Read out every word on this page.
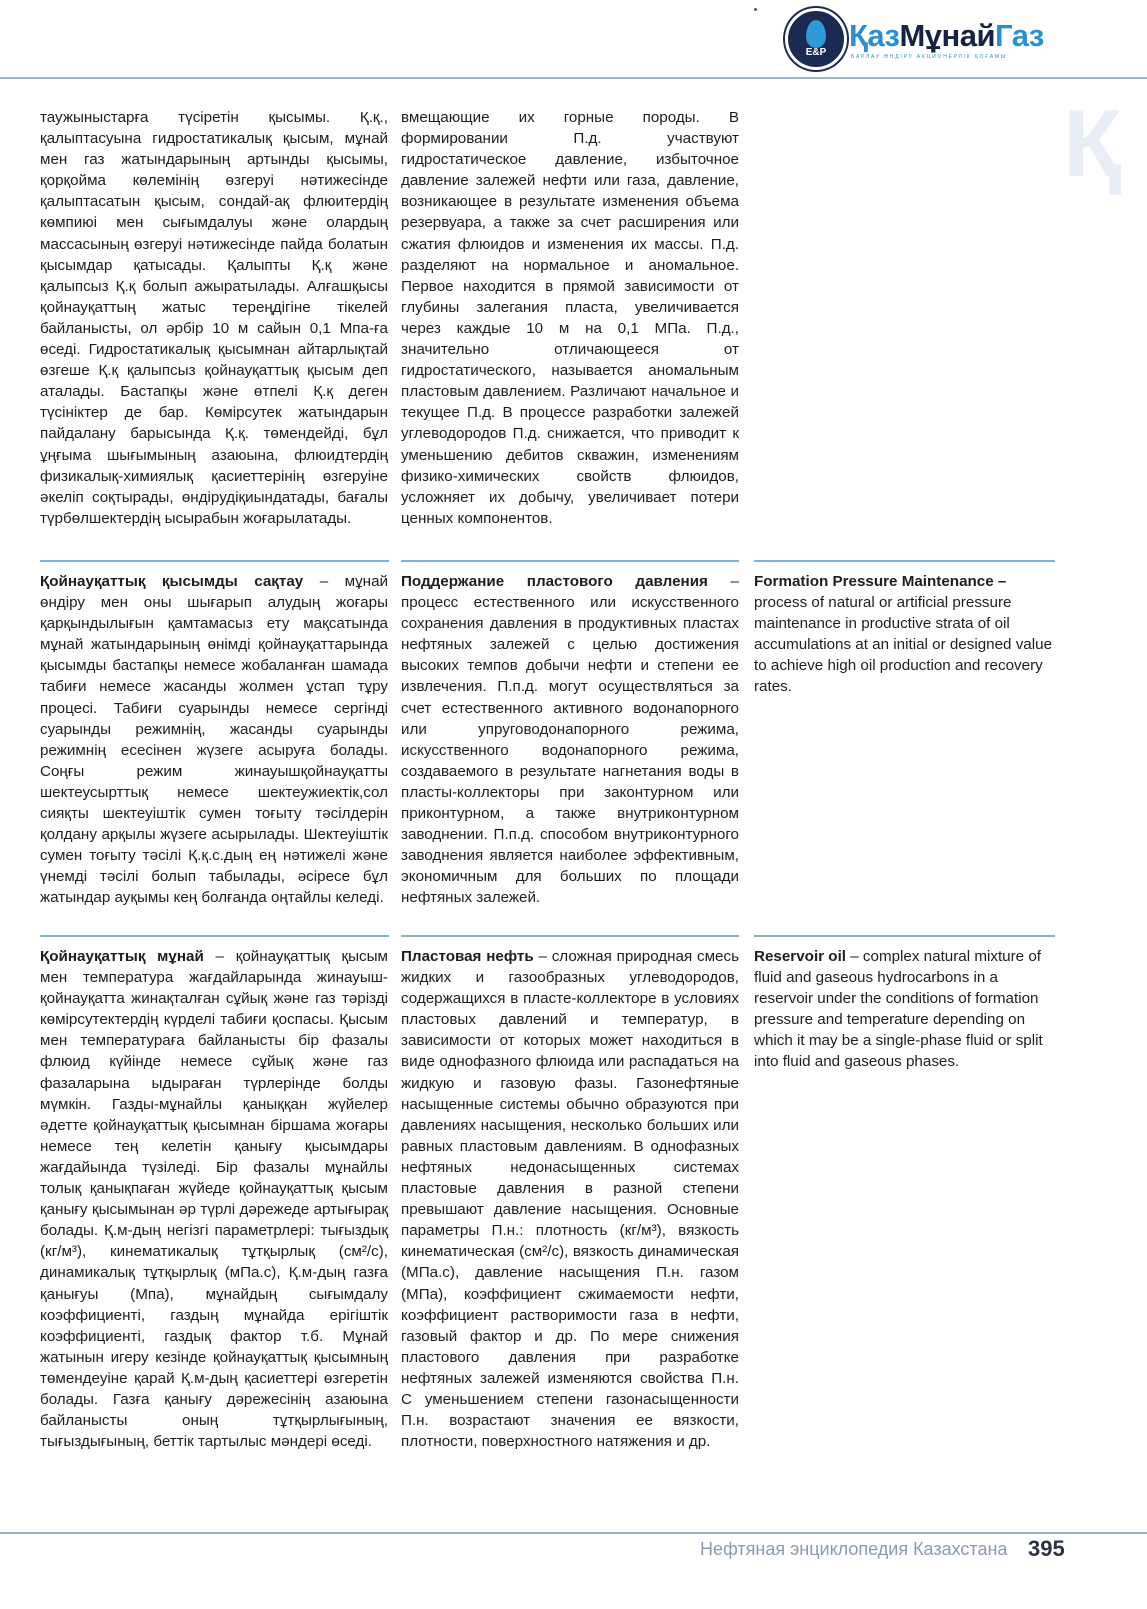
E&P ҚазМұнайГаз
БАРЛАУ ӨНДІРУ АКЦИОНЕРЛІК ҚОҒАМЫ
Қ

таужыныстарға түсіретін қысымы. Қ.қ., қалыптасуына гидростатикалық қысым, мұнай мен газ жатындарының артынды қысымы, қорқойма көлемінің өзгеруі нәтижесінде қалыптасатын қысым, сондай-ақ флюитердің көмпиюі мен сығымдалуы және олардың массасының өзгеруі нәтижесінде пайда болатын қысымдар қатысады. Қалыпты Қ.қ және қалыпсыз Қ.қ болып ажыратылады. Алғашқысы қойнауқаттың жатыс тереңдігіне тікелей байланысты, ол әрбір 10 м сайын 0,1 Мпа-ға өседі. Гидростатикалық қысымнан айтарлықтай өзгеше Қ.қ қалыпсыз қойнауқаттық қысым деп аталады. Бастапқы және өтпелі Қ.қ деген түсініктер де бар. Көмірсутек жатындарын пайдалану барысында Қ.қ. төмендейді, бұл ұңғыма шығымының азаюына, флюидтердің физикалық-химиялық қасиеттерінің өзгеруіне әкеліп соқтырады, өндірудіқиындатады, бағалы түрбөлшектердің ысырабын жоғарылатады.

вмещающие их горные породы. В формировании П.д. участвуют гидростатическое давление, избыточное давление залежей нефти или газа, давление, возникающее в результате изменения объема резервуара, а также за счет расширения или сжатия флюидов и изменения их массы. П.д. разделяют на нормальное и аномальное. Первое находится в прямой зависимости от глубины залегания пласта, увеличивается через каждые 10 м на 0,1 МПа. П.д., значительно отличающееся от гидростатического, называется аномальным пластовым давлением. Различают начальное и текущее П.д. В процессе разработки залежей углеводородов П.д. снижается, что приводит к уменьшению дебитов скважин, изменениям физико-химических свойств флюидов, усложняет их добычу, увеличивает потери ценных компонентов.

Қойнауқаттық қысымды сақтау – мұнай өндіру мен оны шығарып алудың жоғары қарқындылығын қамтамасыз ету мақсатында мұнай жатындарының өнімді қойнауқаттарында қысымды бастапқы немесе жобаланған шамада табиғи немесе жасанды жолмен ұстап тұру процесі. Табиғи суарынды немесе сергінді суарынды режимнің, жасанды суарынды режимнің есесінен жүзеге асыруға болады. Соңғы режим жинауышқойнауқатты шектеусырттық немесе шектеужиектік,сол сияқты шектеуіштік сумен тоғыту тәсілдерін қолдану арқылы жүзеге асырылады. Шектеуіштік сумен тоғыту тәсілі Қ.қ.с.дың ең нәтижелі және үнемді тәсілі болып табылады, әсіресе бұл жатындар ауқымы кең болғанда оңтайлы келеді.

Поддержание пластового давления – процесс естественного или искусственного сохранения давления в продуктивных пластах нефтяных залежей с целью достижения высоких темпов добычи нефти и степени ее извлечения. П.п.д. могут осуществляться за счет естественного активного водонапорного или упруговодонапорного режима, искусственного водонапорного режима, создаваемого в результате нагнетания воды в пласты-коллекторы при законтурном или приконтурном, а также внутриконтурном заводнении. П.п.д. способом внутриконтурного заводнения является наиболее эффективным, экономичным для больших по площади нефтяных залежей.

Formation Pressure Maintenance – process of natural or artificial pressure maintenance in productive strata of oil accumulations at an initial or designed value to achieve high oil production and recovery rates.

Қойнауқаттық мұнай – қойнауқаттық қысым мен температура жағдайларында жинауыш-қойнауқатта жинақталған сұйық және газ тәрізді көмірсутектердің күрделі табиғи қоспасы. Қысым мен температураға байланысты бір фазалы флюид күйінде немесе сұйық және газ фазаларына ыдыраған түрлерінде болды мүмкін. Газды-мұнайлы қаныққан жүйелер әдетте қойнауқаттық қысымнан біршама жоғары немесе тең келетін қанығу қысымдары жағдайында түзіледі. Бір фазалы мұнайлы толық қанықпаған жүйеде қойнауқаттық қысым қанығу қысымынан әр түрлі дәрежеде артығырақ болады. Қ.м-дың негізгі параметрлері: тығыздық (кг/м³), кинематикалық тұтқырлық (см²/с), динамикалық тұтқырлық (мПа.с), Қ.м-дың газға қанығуы (Мпа), мұнайдың сығымдалу коэффициенті, газдың мұнайда ерігіштік коэффициенті, газдық фактор т.б. Мұнай жатынын игеру кезінде қойнауқаттық қысымның төмендеуіне қарай Қ.м-дың қасиеттері өзгеретін болады. Газға қанығу дәрежесінің азаюына байланысты оның тұтқырлығының, тығыздығының, беттік тартылыс мәндері өседі.

Пластовая нефть – сложная природная смесь жидких и газообразных углеводородов, содержащихся в пласте-коллекторе в условиях пластовых давлений и температур, в зависимости от которых может находиться в виде однофазного флюида или распадаться на жидкую и газовую фазы. Газонефтяные насыщенные системы обычно образуются при давлениях насыщения, несколько больших или равных пластовым давлениям. В однофазных нефтяных недонасыщенных системах пластовые давления в разной степени превышают давление насыщения. Основные параметры П.н.: плотность (кг/м³), вязкость кинематическая (см²/с), вязкость динамическая (МПа.с), давление насыщения П.н. газом (МПа), коэффициент сжимаемости нефти, коэффициент растворимости газа в нефти, газовый фактор и др. По мере снижения пластового давления при разработке нефтяных залежей изменяются свойства П.н. С уменьшением степени газонасыщенности П.н. возрастают значения ее вязкости, плотности, поверхностного натяжения и др.

Reservoir oil – complex natural mixture of fluid and gaseous hydrocarbons in a reservoir under the conditions of formation pressure and temperature depending on which it may be a single-phase fluid or split into fluid and gaseous phases.

Нефтяная энциклопедия Казахстана 395
